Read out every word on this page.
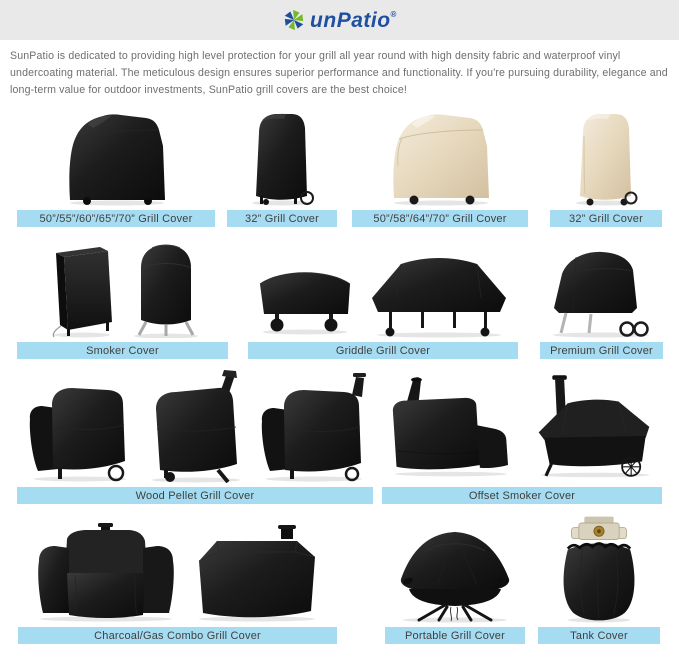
unPatio®

SunPatio is dedicated to providing high level protection for your grill all year round with high density fabric and waterproof vinyl undercoating material. The meticulous design ensures superior performance and functionality. If you're pursuing durability, elegance and long-term value for outdoor investments, SunPatio grill covers are the best choice!

50”/55”/60”/65”/70” Grill Cover	32” Grill Cover	50”/58”/64”/70” Grill Cover	32” Grill Cover
Smoker Cover	Griddle Grill Cover	Premium Grill Cover
Wood Pellet Grill Cover	Offset Smoker Cover
Charcoal/Gas Combo Grill Cover	Portable Grill Cover	Tank Cover
